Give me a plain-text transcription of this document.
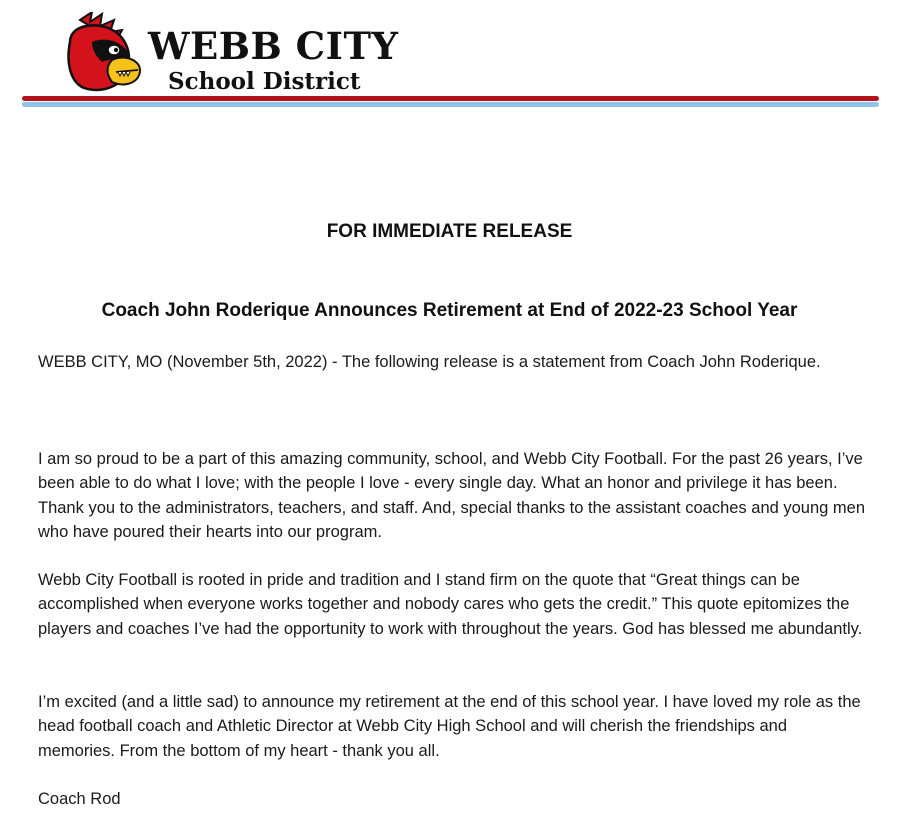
WEBB CITY
School District
FOR IMMEDIATE RELEASE
Coach John Roderique Announces Retirement at End of 2022-23 School Year

WEBB CITY, MO (November 5th, 2022) - The following release is a statement from Coach John Roderique.

I am so proud to be a part of this amazing community, school, and Webb City Football. For the past 26 years, I’ve been able to do what I love; with the people I love - every single day. What an honor and privilege it has been. Thank you to the administrators, teachers, and staff. And, special thanks to the assistant coaches and young men who have poured their hearts into our program.

Webb City Football is rooted in pride and tradition and I stand firm on the quote that “Great things can be accomplished when everyone works together and nobody cares who gets the credit.” This quote epitomizes the players and coaches I’ve had the opportunity to work with throughout the years. God has blessed me abundantly.

I’m excited (and a little sad) to announce my retirement at the end of this school year. I have loved my role as the head football coach and Athletic Director at Webb City High School and will cherish the friendships and memories. From the bottom of my heart - thank you all.

Coach Rod
